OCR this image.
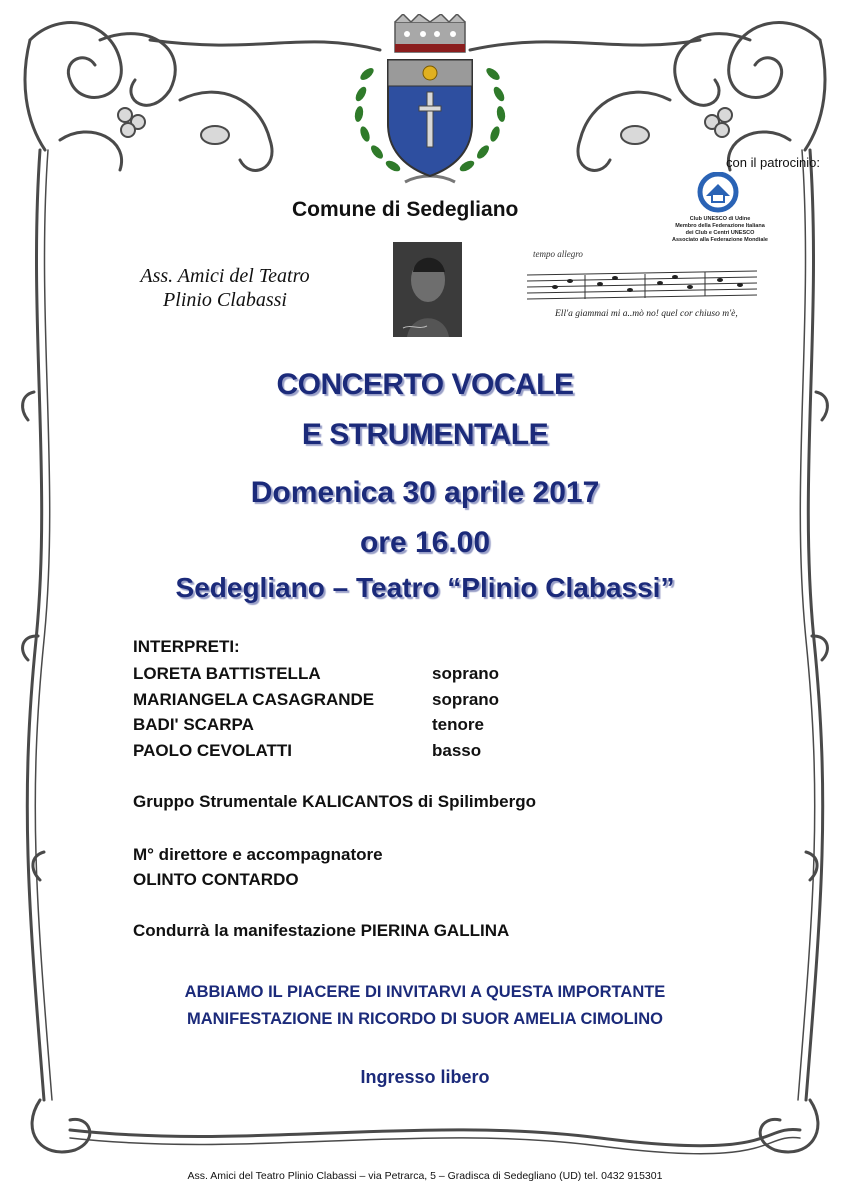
con il patrocinio:
Club UNESCO di Udine
Membro della Federazione Italiana
dei Club e Centri UNESCO
Associato alla Federazione Mondiale
Comune di Sedegliano
Ass. Amici del Teatro
Plinio Clabassi
tempo allegro
Ell'a giammai mi a..mò no! quel cor chiuso m'è,
CONCERTO VOCALE
E STRUMENTALE
Domenica 30 aprile 2017
ore 16.00
Sedegliano – Teatro “Plinio Clabassi”
INTERPRETI:
LORETA BATTISTELLA	soprano
MARIANGELA CASAGRANDE	soprano
BADI' SCARPA	tenore
PAOLO CEVOLATTI	basso
Gruppo Strumentale KALICANTOS di Spilimbergo
M° direttore e accompagnatore
OLINTO CONTARDO
Condurrà la manifestazione PIERINA GALLINA
ABBIAMO IL PIACERE DI INVITARVI A QUESTA IMPORTANTE
MANIFESTAZIONE IN RICORDO DI SUOR AMELIA CIMOLINO
Ingresso libero
Ass. Amici del Teatro Plinio Clabassi – via Petrarca, 5 – Gradisca di Sedegliano (UD) tel. 0432 915301
